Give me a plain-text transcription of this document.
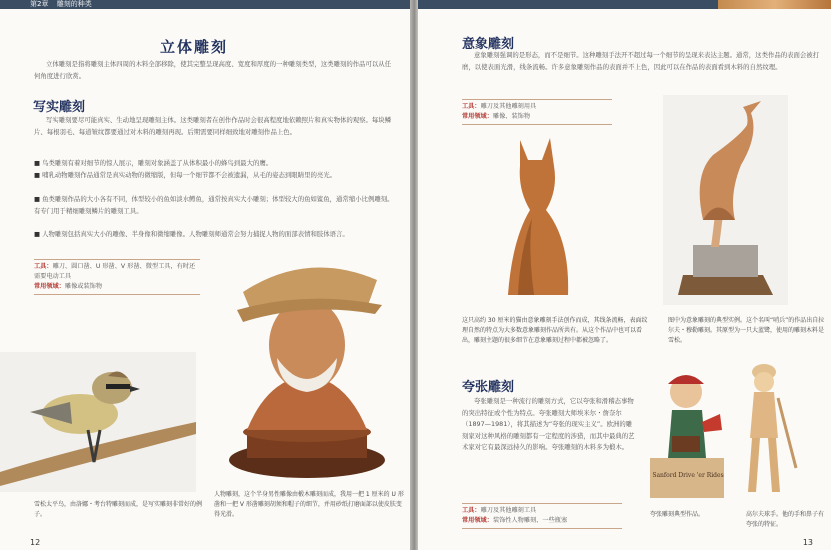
第2章 雕刻的种类
立体雕刻
立体雕刻是指将雕刻主体四周的木料全部移除，使其完整呈现高度、宽度和厚度的一种雕刻类型，这类雕刻的作品可以从任何角度进行欣赏。
写实雕刻
写实雕刻要尽可能真实、生动地呈现雕刻主体。这类雕刻者在创作作品时会很高程度地依赖照片和真实物体的观察。每块鳞片、每根羽毛、每道皱纹都要通过对木料的雕刻再现。后期需要同样细致地对雕刻作品上色。
■ 鸟类雕刻有着对细节的惊人展示，雕刻对象涵盖了从体积最小的蜂鸟到最大的鹰。
■ 哺乳动物雕刻作品通常是真实动物的微缩版，但每一个细节都不会被遗漏，从毛的姿态到眼睛里的亮光。
■ 鱼类雕刻作品的大小各有不同，体型较小的鱼如淡水鳟鱼，通常按真实大小雕刻；体型较大的鱼如鲨鱼，通常缩小比例雕刻。有专门用于精细雕刻鳞片的雕刻工具。
■ 人物雕刻包括真实大小的雕像、半身像和微缩雕像。人物雕刻师通常会努力捕捉人物的面部表情和肢体语言。
工具：雕刀、圆口凿、U 形凿、V 形凿、微型工具，有时还需要电动工具
常用领域：雕像或装饰物
雪松太平鸟，由洛娜・考台特雕刻而成，是写实雕刻非常好的例子。
人物雕刻，这个半身男性雕像由椴木雕刻而成，我用一把 1 厘米的 U 形凿和一把 V 形凿雕刻胡须和帽子的细节，并用砂纸打磨面部以使皮肤变得光滑。
12
意象雕刻
意象雕刻强调的是形态，而不是细节。这种雕刻手法开不超过每一个细节的呈现来表达主题。通常，这类作品的表面会被打磨，以使表面光滑，线条流畅。许多意象雕刻作品的表面并不上色，因此可以在作品的表面看到木料的自然纹理。
工具：雕刀及其他雕刻用具
常用领域：雕像、装饰物
这只高约 30 厘米的猫由意象雕刻手法创作而成，其线条流畅，表面纹理自然的特点为大多数意象雕刻作品所共有。从这个作品中也可以看出，雕刻主题的很多细节在意象雕刻过程中都被忽略了。
图中为意象雕刻的典型实例。这个名叫“哨兵”的作品出自拉尔夫・穆勒雕刻。其原型为一只大蓝鹭，使用的雕刻木料是雪松。
夸张雕刻
夸张雕刻是一种流行的雕刻方式，它以夸张和滑稽态事物的突出特征或个性为特点。夸张雕刻大师埃米尔・詹奈尔（1897—1981），将其描述为“夸张的现实主义”。欧洲的雕刻家对这种风格的雕刻都有一定程度的涉猎，而其中最典的艺术家对它有最深远持久的影响。夸张雕刻的木料多为椴木。
工具：雕刀及其他雕刻工具
常用领域：装饰性人物雕刻、一些瓶塞
Sanford Drive 'er Rides
夸张雕刻典型作品。	高尔夫球手。他的手和鼻子有夸张的特征。
13
